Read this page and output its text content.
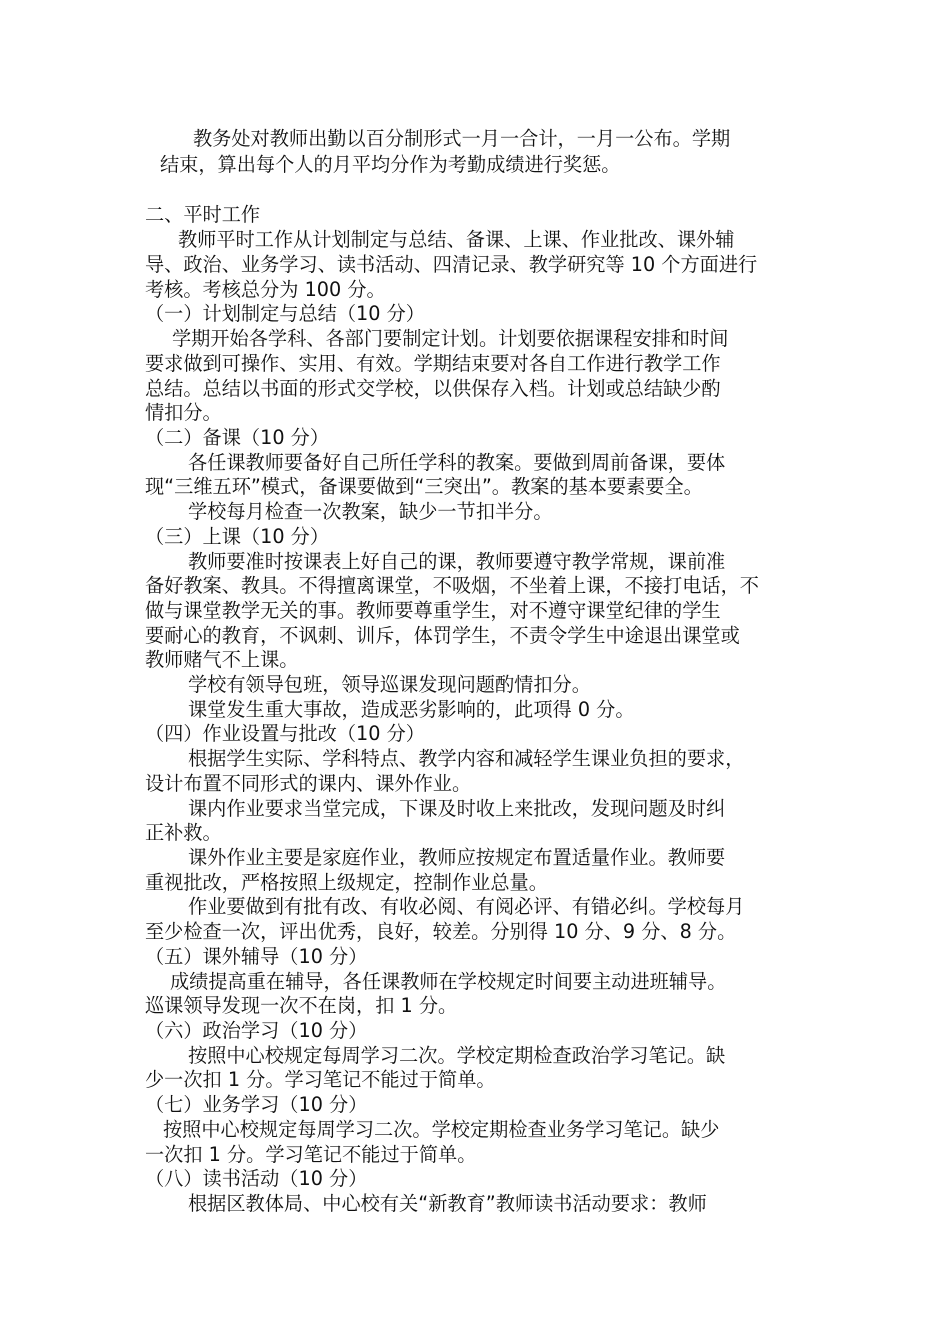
教务处对教师出勤以百分制形式一月一合计，一月一公布。学期
结束，算出每个人的月平均分作为考勤成绩进行奖惩。
二、平时工作
教师平时工作从计划制定与总结、备课、上课、作业批改、课外辅
导、政治、业务学习、读书活动、四清记录、教学研究等 10 个方面进行
考核。考核总分为 100 分。
（一）计划制定与总结（10 分）
学期开始各学科、各部门要制定计划。计划要依据课程安排和时间
要求做到可操作、实用、有效。学期结束要对各自工作进行教学工作
总结。总结以书面的形式交学校，以供保存入档。计划或总结缺少酌
情扣分。
（二）备课（10 分）
各任课教师要备好自己所任学科的教案。要做到周前备课，要体
现“三维五环”模式，备课要做到“三突出”。教案的基本要素要全。
学校每月检查一次教案，缺少一节扣半分。
（三）上课（10 分）
教师要准时按课表上好自己的课，教师要遵守教学常规，课前准
备好教案、教具。不得擅离课堂，不吸烟，不坐着上课，不接打电话，不
做与课堂教学无关的事。教师要尊重学生，对不遵守课堂纪律的学生
要耐心的教育，不讽刺、训斥，体罚学生，不责令学生中途退出课堂或
教师赌气不上课。
学校有领导包班，领导巡课发现问题酌情扣分。
课堂发生重大事故，造成恶劣影响的，此项得 0 分。
（四）作业设置与批改（10 分）
根据学生实际、学科特点、教学内容和减轻学生课业负担的要求，
设计布置不同形式的课内、课外作业。
课内作业要求当堂完成，下课及时收上来批改，发现问题及时纠
正补救。
课外作业主要是家庭作业，教师应按规定布置适量作业。教师要
重视批改，严格按照上级规定，控制作业总量。
作业要做到有批有改、有收必阅、有阅必评、有错必纠。学校每月
至少检查一次，评出优秀，良好，较差。分别得 10 分、9 分、8 分。
（五）课外辅导（10 分）
成绩提高重在辅导，各任课教师在学校规定时间要主动进班辅导。
巡课领导发现一次不在岗，扣 1 分。
（六）政治学习（10 分）
按照中心校规定每周学习二次。学校定期检查政治学习笔记。缺
少一次扣 1 分。学习笔记不能过于简单。
（七）业务学习（10 分）
按照中心校规定每周学习二次。学校定期检查业务学习笔记。缺少
一次扣 1 分。学习笔记不能过于简单。
（八）读书活动（10 分）
根据区教体局、中心校有关“新教育”教师读书活动要求：教师
